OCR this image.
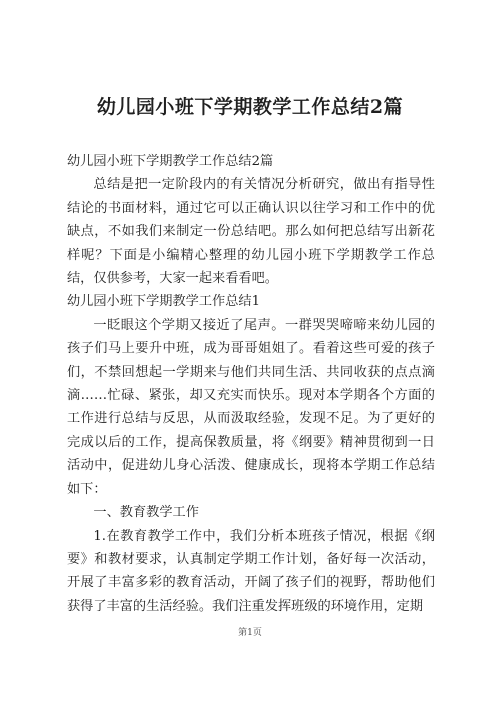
幼儿园小班下学期教学工作总结2篇

幼儿园小班下学期教学工作总结2篇

总结是把一定阶段内的有关情况分析研究，做出有指导性结论的书面材料，通过它可以正确认识以往学习和工作中的优缺点，不如我们来制定一份总结吧。那么如何把总结写出新花样呢？下面是小编精心整理的幼儿园小班下学期教学工作总结，仅供参考，大家一起来看看吧。

幼儿园小班下学期教学工作总结1

一眨眼这个学期又接近了尾声。一群哭哭啼啼来幼儿园的孩子们马上要升中班，成为哥哥姐姐了。看着这些可爱的孩子们，不禁回想起一学期来与他们共同生活、共同收获的点点滴滴……忙碌、紧张，却又充实而快乐。现对本学期各个方面的工作进行总结与反思，从而汲取经验，发现不足。为了更好的完成以后的工作，提高保教质量，将《纲要》精神贯彻到一日活动中，促进幼儿身心活泼、健康成长，现将本学期工作总结如下：

一、教育教学工作

1.在教育教学工作中，我们分析本班孩子情况，根据《纲要》和教材要求，认真制定学期工作计划，备好每一次活动，开展了丰富多彩的教育活动，开阔了孩子们的视野，帮助他们获得了丰富的生活经验。我们注重发挥班级的环境作用，定期

第1页
